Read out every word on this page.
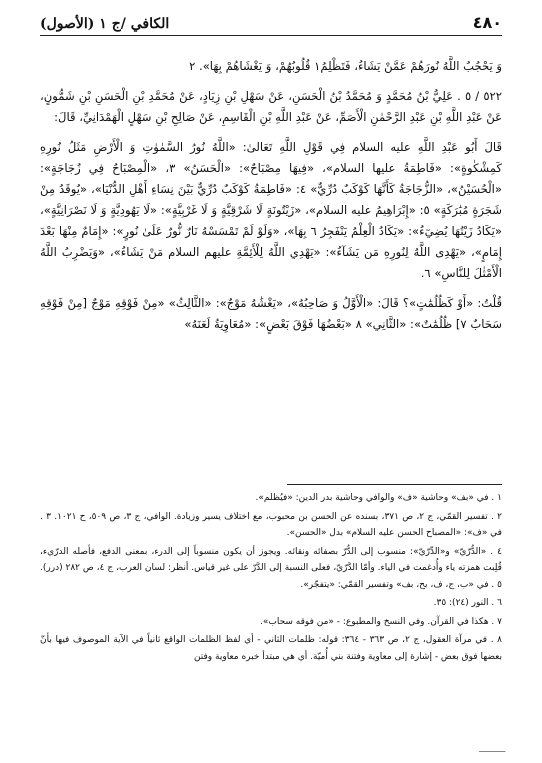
٤٨٠
الكافي /ج ١ (الأصول)

وَ يَحْجُبُ اللَّهُ نُورَهُمْ عَمَّنْ يَشَاءُ، فَتَظْلِمُ١ قُلُوبُهُمْ، وَ يَغْشَاهُمْ بِهَا». ٢

٥٢٢ / ٥ . عَلِيُّ بْنُ مُحَمَّدٍ وَ مُحَمَّدُ بْنُ الْحَسَنِ، عَنْ سَهْلِ بْنِ زِيَادٍ، عَنْ مُحَمَّدِ بْنِ الْحَسَنِ بْنِ شَمُّونٍ، عَنْ عَبْدِ اللَّهِ بْنِ عَبْدِ الرَّحْمٰنِ الْأَصَمِّ، عَنْ عَبْدِ اللَّهِ بْنِ الْقَاسِمِ، عَنْ صَالِحِ بْنِ سَهْلٍ الْهَمْدَانِيِّ، قَالَ:

قَالَ أَبُو عَبْدِ اللَّهِ عليه السلام فِي قَوْلِ اللَّهِ تَعَالىٰ: «اللَّهُ نُورُ السَّمٰوٰتِ وَ الْأَرْضِ مَثَلُ نُورِهِ كَمِشْكٰوةٍ»: «فَاطِمَةُ عليها السلام»، «فِيهَا مِصْبَاحٌ»: «الْحَسَنُ» ٣، «الْمِصْبَاحُ فِي زُجَاجَةٍ»: «الْحُسَيْنُ»، «الزُّجَاجَةُ كَأَنَّهَا كَوْكَبٌ دُرِّيٌّ» ٤: «فَاطِمَةُ كَوْكَبٌ دُرِّيٌّ بَيْنَ نِسَاءِ أَهْلِ الدُّنْيَا»، «يُوقَدُ مِنْ شَجَرَةٍ مُبَٰرَكَةٍ» ٥: «إِبْرَاهِيمُ عليه السلام»، «زَيْتُونَةٍ لَا شَرْقِيَّةٍ وَ لَا غَرْبِيَّةٍ»: «لَا يَهُودِيَّةٍ وَ لَا نَصْرَانِيَّةٍ»، «يَكَادُ زَيْتُهَا يُضِيٓءُ»: «يَكَادُ الْعِلْمُ يَنْفَجِرُ ٦ بِهَا»، «وَلَوْ لَمْ تَمْسَسْهُ نَارٌ نُّورٌ عَلَىٰ نُورٍ»: «إِمَامٌ مِنْهَا بَعْدَ إِمَامٍ»، «يَهْدِى اللَّهُ لِنُورِهِ مَن يَشَآءُ»: «يَهْدِي اللَّهُ لِلْأَئِمَّةِ عليهم السلام مَنْ يَشَاءُ»، «وَيَضْرِبُ اللَّهُ الْأَمْثٰلَ لِلنَّاسِ» ٦.

قُلْتُ: «أَوْ كَظُلُمَٰتٍ»؟ قَالَ: «الْأَوَّلُ وَ صَاحِبُهُ»، «يَغْشَٰهُ مَوْجٌ»: «الثَّالِثُ» «مِنْ فَوْقِهِ مَوْجٌ [مِنْ فَوْقِهِ سَحَابٌ ٧] ظُلُمَٰتٌ»: «الثَّانِي» ٨ «بَعْضُهَا فَوْقَ بَعْضٍ»: «مُعَاوِيَةُ لَعَنَهُ»

١ . في «بف» وحاشية «ف» والوافي وحاشية بدر الدين: «فيُظلم».

٢ . تفسير القمّي، ج ٢، ص ٣٧١، بسنده عن الحسن بن محبوب، مع اختلاف يسير وزيادة. الوافي، ج ٣، ص ٥٠٩، ح ١٠٢١. ٣ . في «ف»: «المصباح الحسن عليه السلام» بدل «الحسن».

٤ . «الدُّرّيّ» و«الدِّرّيّ»: منسوب إلى الدُّرّ بصفائه ونقائه. ويجوز أن يكون منسوباً إلى الدرء، بمعنى الدفع، فأصله الدرّيء، قُلِبت همزته ياء وأُدغمت في الياء. وأمّا الدَّرّيّ، فعلى النسبة إلى الدَّرّ على غير قياس. أنظر: لسان العرب، ج ٤، ص ٢٨٢ (درر). ٥ . في «ب، ج، ف، بح، بف» وتفسير القمّي: «يتفجّر».

٦ . النور (٢٤): ٣٥.

٧ . هكذا في القرآن. وفي النسخ والمطبوع: - «من فوقه سحاب».

٨ . في مرآة العقول، ج ٢، ص ٣٦٣ - ٣٦٤: قوله: ظلمات الثاني - أي لفظ الظلمات الواقع ثانياً في الآية الموصوف فيها بأنّ بعضها فوق بعض - إشارة إلى معاوية وفتنة بني أُميّة. أي هي مبتدأ خبره معاوية وفتن

⸻
